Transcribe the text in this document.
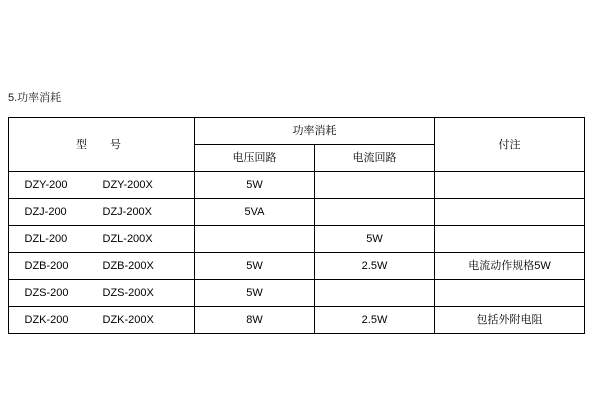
5.功率消耗
型　号	功率消耗		付注
	电压回路	电流回路	
DZY-200 DZY-200X	5W		
DZJ-200 DZJ-200X	5VA		
DZL-200 DZL-200X		5W	
DZB-200 DZB-200X	5W	2.5W	电流动作规格5W
DZS-200 DZS-200X	5W		
DZK-200 DZK-200X	8W	2.5W	包括外附电阻
